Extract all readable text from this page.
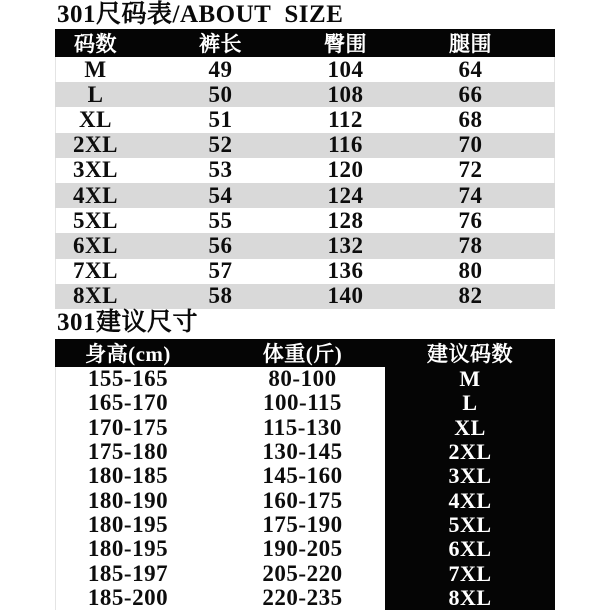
301尺码表/ABOUT  SIZE
码数	裤长	臀围	腿围
M	49	104	64
L	50	108	66
XL	51	112	68
2XL	52	116	70
3XL	53	120	72
4XL	54	124	74
5XL	55	128	76
6XL	56	132	78
7XL	57	136	80
8XL	58	140	82
301建议尺寸
身高(cm)	体重(斤)	建议码数
155-165	80-100	M
165-170	100-115	L
170-175	115-130	XL
175-180	130-145	2XL
180-185	145-160	3XL
180-190	160-175	4XL
180-195	175-190	5XL
180-195	190-205	6XL
185-197	205-220	7XL
185-200	220-235	8XL
